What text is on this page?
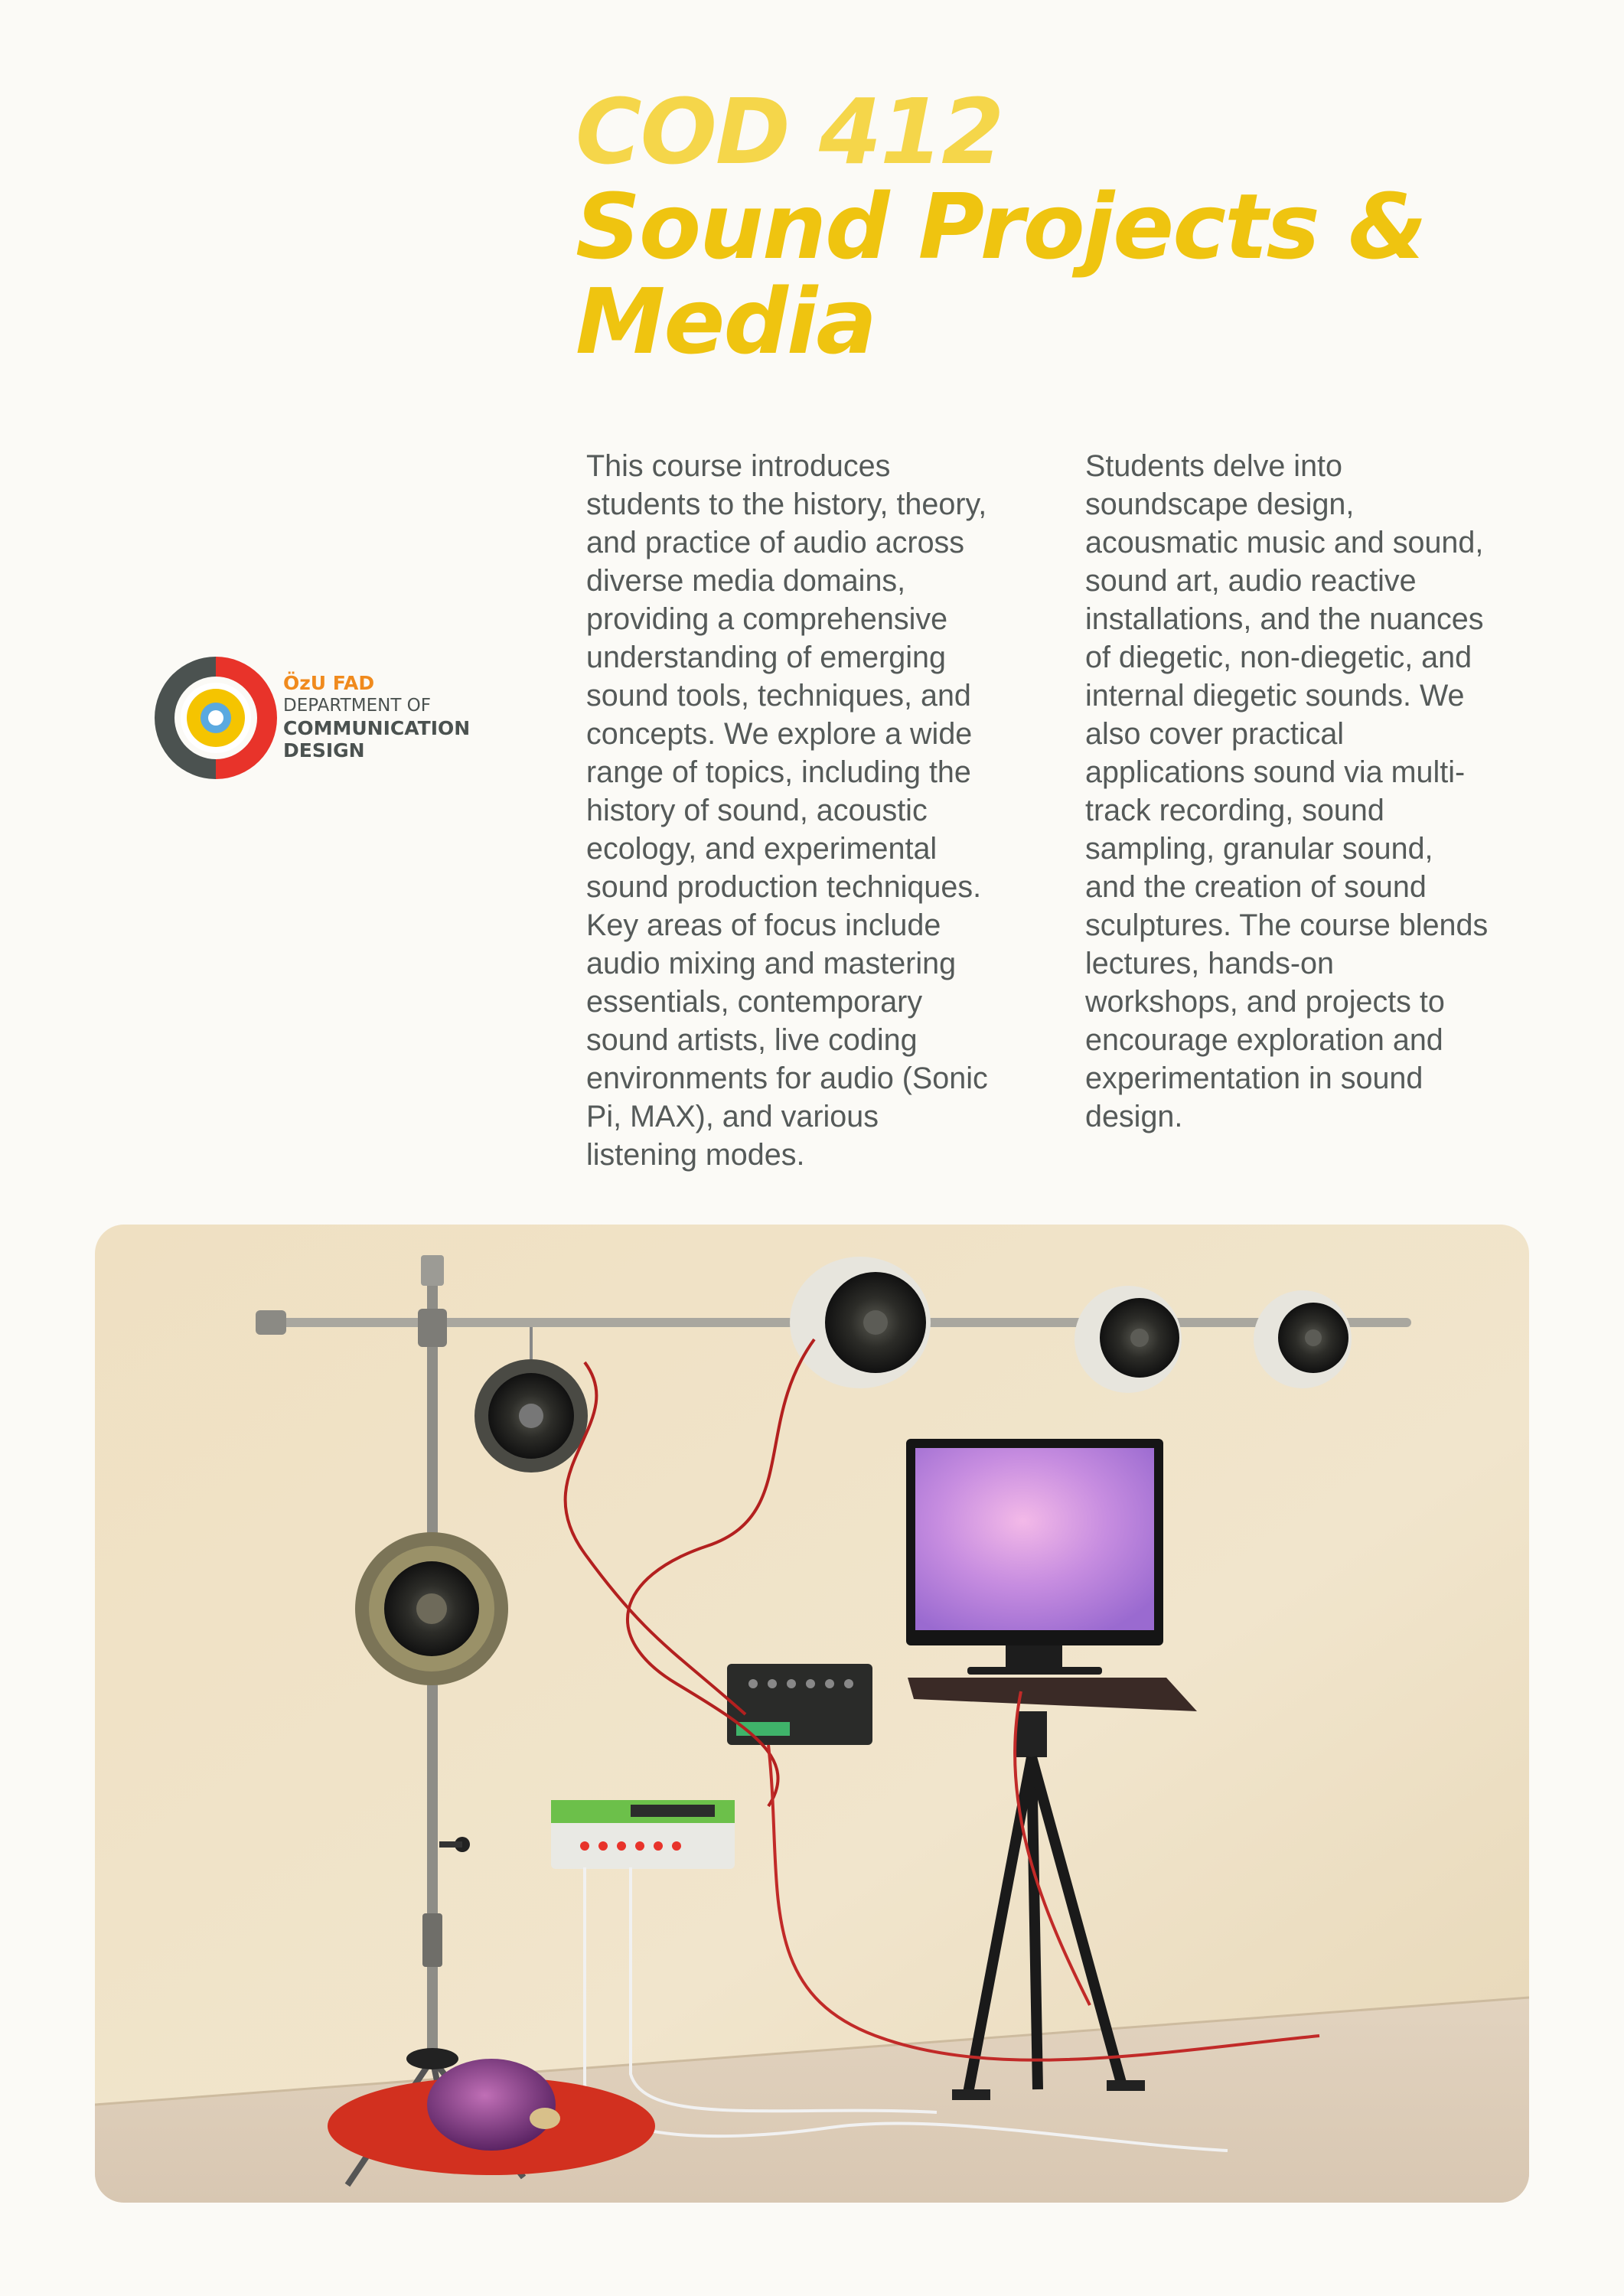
COD 412

Sound Projects &

Media

ÖzU FAD
DEPARTMENT OF
COMMUNICATION
DESIGN
This course introduces
students to the history, theory,
and practice of audio across
diverse media domains,
providing a comprehensive
understanding of emerging
sound tools, techniques, and
concepts. We explore a wide
range of topics, including the
history of sound, acoustic
ecology, and experimental
sound production techniques.
Key areas of focus include
audio mixing and mastering
essentials, contemporary
sound artists, live coding
environments for audio (Sonic
Pi, MAX), and various
listening modes.
Students delve into
soundscape design,
acousmatic music and sound,
sound art, audio reactive
installations, and the nuances
of diegetic, non-diegetic, and
internal diegetic sounds. We
also cover practical
applications sound via multi-
track recording, sound
sampling, granular sound,
and the creation of sound
sculptures. The course blends
lectures, hands-on
workshops, and projects to
encourage exploration and
experimentation in sound
design.
